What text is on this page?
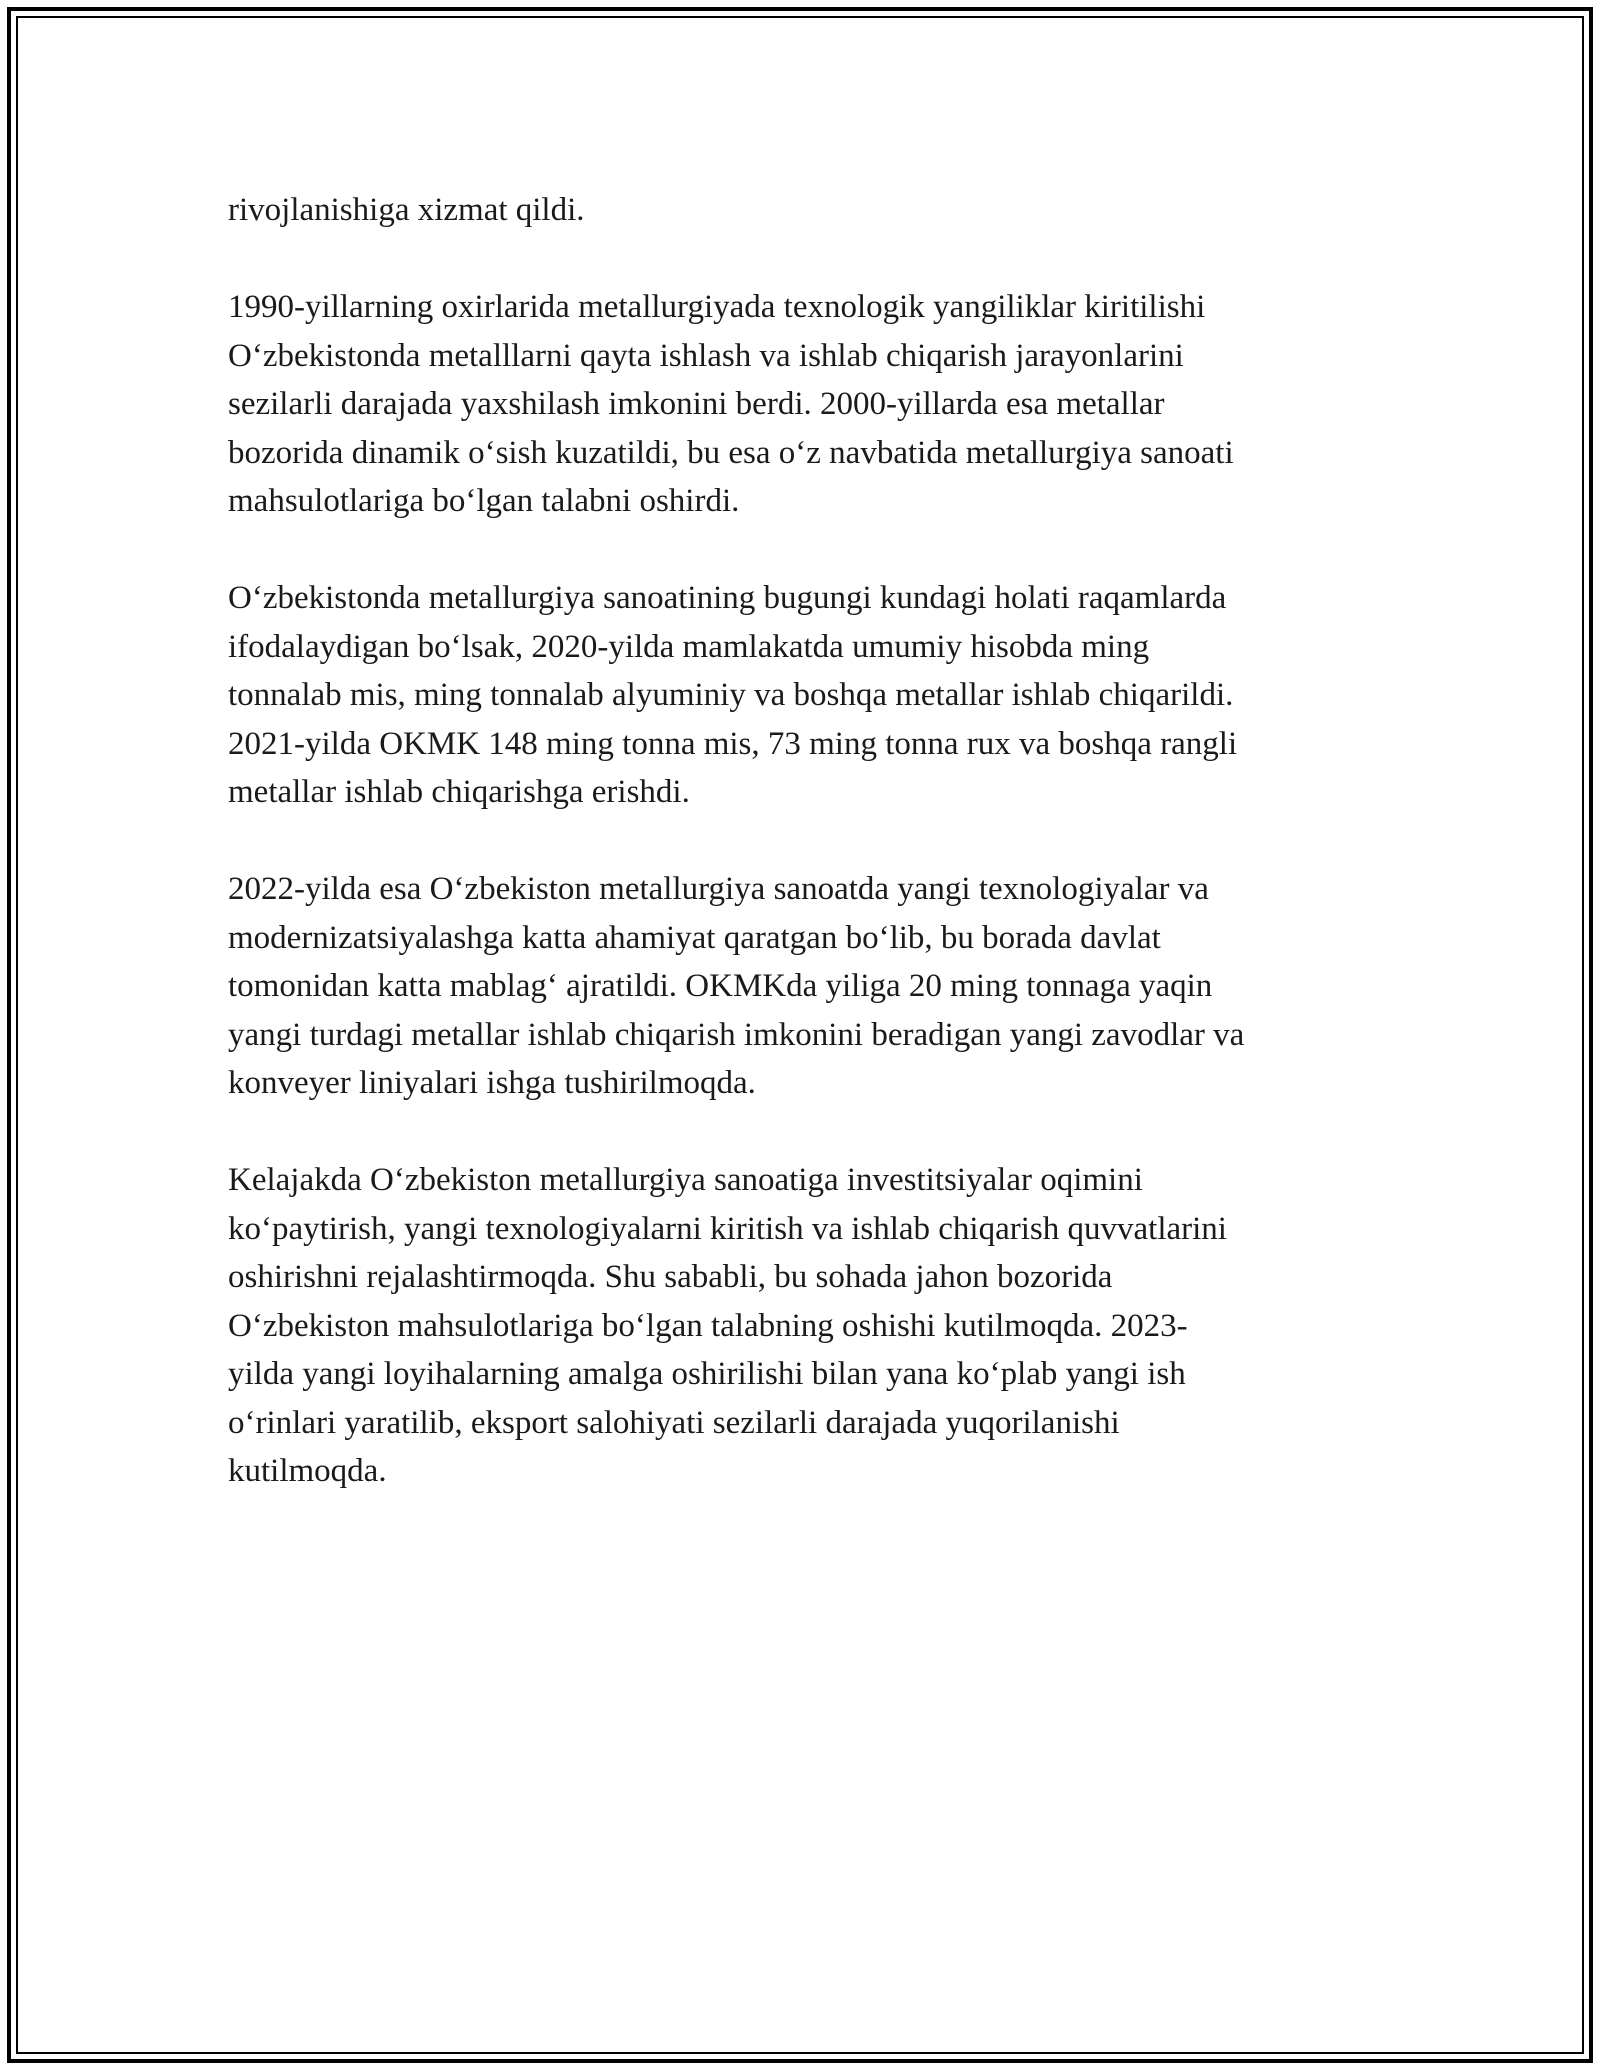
rivojlanishiga xizmat qildi.

1990-yillarning oxirlarida metallurgiyada texnologik yangiliklar kiritilishi
O‘zbekistonda metalllarni qayta ishlash va ishlab chiqarish jarayonlarini
sezilarli darajada yaxshilash imkonini berdi. 2000-yillarda esa metallar
bozorida dinamik o‘sish kuzatildi, bu esa o‘z navbatida metallurgiya sanoati
mahsulotlariga bo‘lgan talabni oshirdi.

O‘zbekistonda metallurgiya sanoatining bugungi kundagi holati raqamlarda
ifodalaydigan bo‘lsak, 2020-yilda mamlakatda umumiy hisobda ming
tonnalab mis, ming tonnalab alyuminiy va boshqa metallar ishlab chiqarildi.
2021-yilda OKMK 148 ming tonna mis, 73 ming tonna rux va boshqa rangli
metallar ishlab chiqarishga erishdi.

2022-yilda esa O‘zbekiston metallurgiya sanoatda yangi texnologiyalar va
modernizatsiyalashga katta ahamiyat qaratgan bo‘lib, bu borada davlat
tomonidan katta mablag‘ ajratildi. OKMKda yiliga 20 ming tonnaga yaqin
yangi turdagi metallar ishlab chiqarish imkonini beradigan yangi zavodlar va
konveyer liniyalari ishga tushirilmoqda.

Kelajakda O‘zbekiston metallurgiya sanoatiga investitsiyalar oqimini
ko‘paytirish, yangi texnologiyalarni kiritish va ishlab chiqarish quvvatlarini
oshirishni rejalashtirmoqda. Shu sababli, bu sohada jahon bozorida
O‘zbekiston mahsulotlariga bo‘lgan talabning oshishi kutilmoqda. 2023-
yilda yangi loyihalarning amalga oshirilishi bilan yana ko‘plab yangi ish
o‘rinlari yaratilib, eksport salohiyati sezilarli darajada yuqorilanishi
kutilmoqda.
